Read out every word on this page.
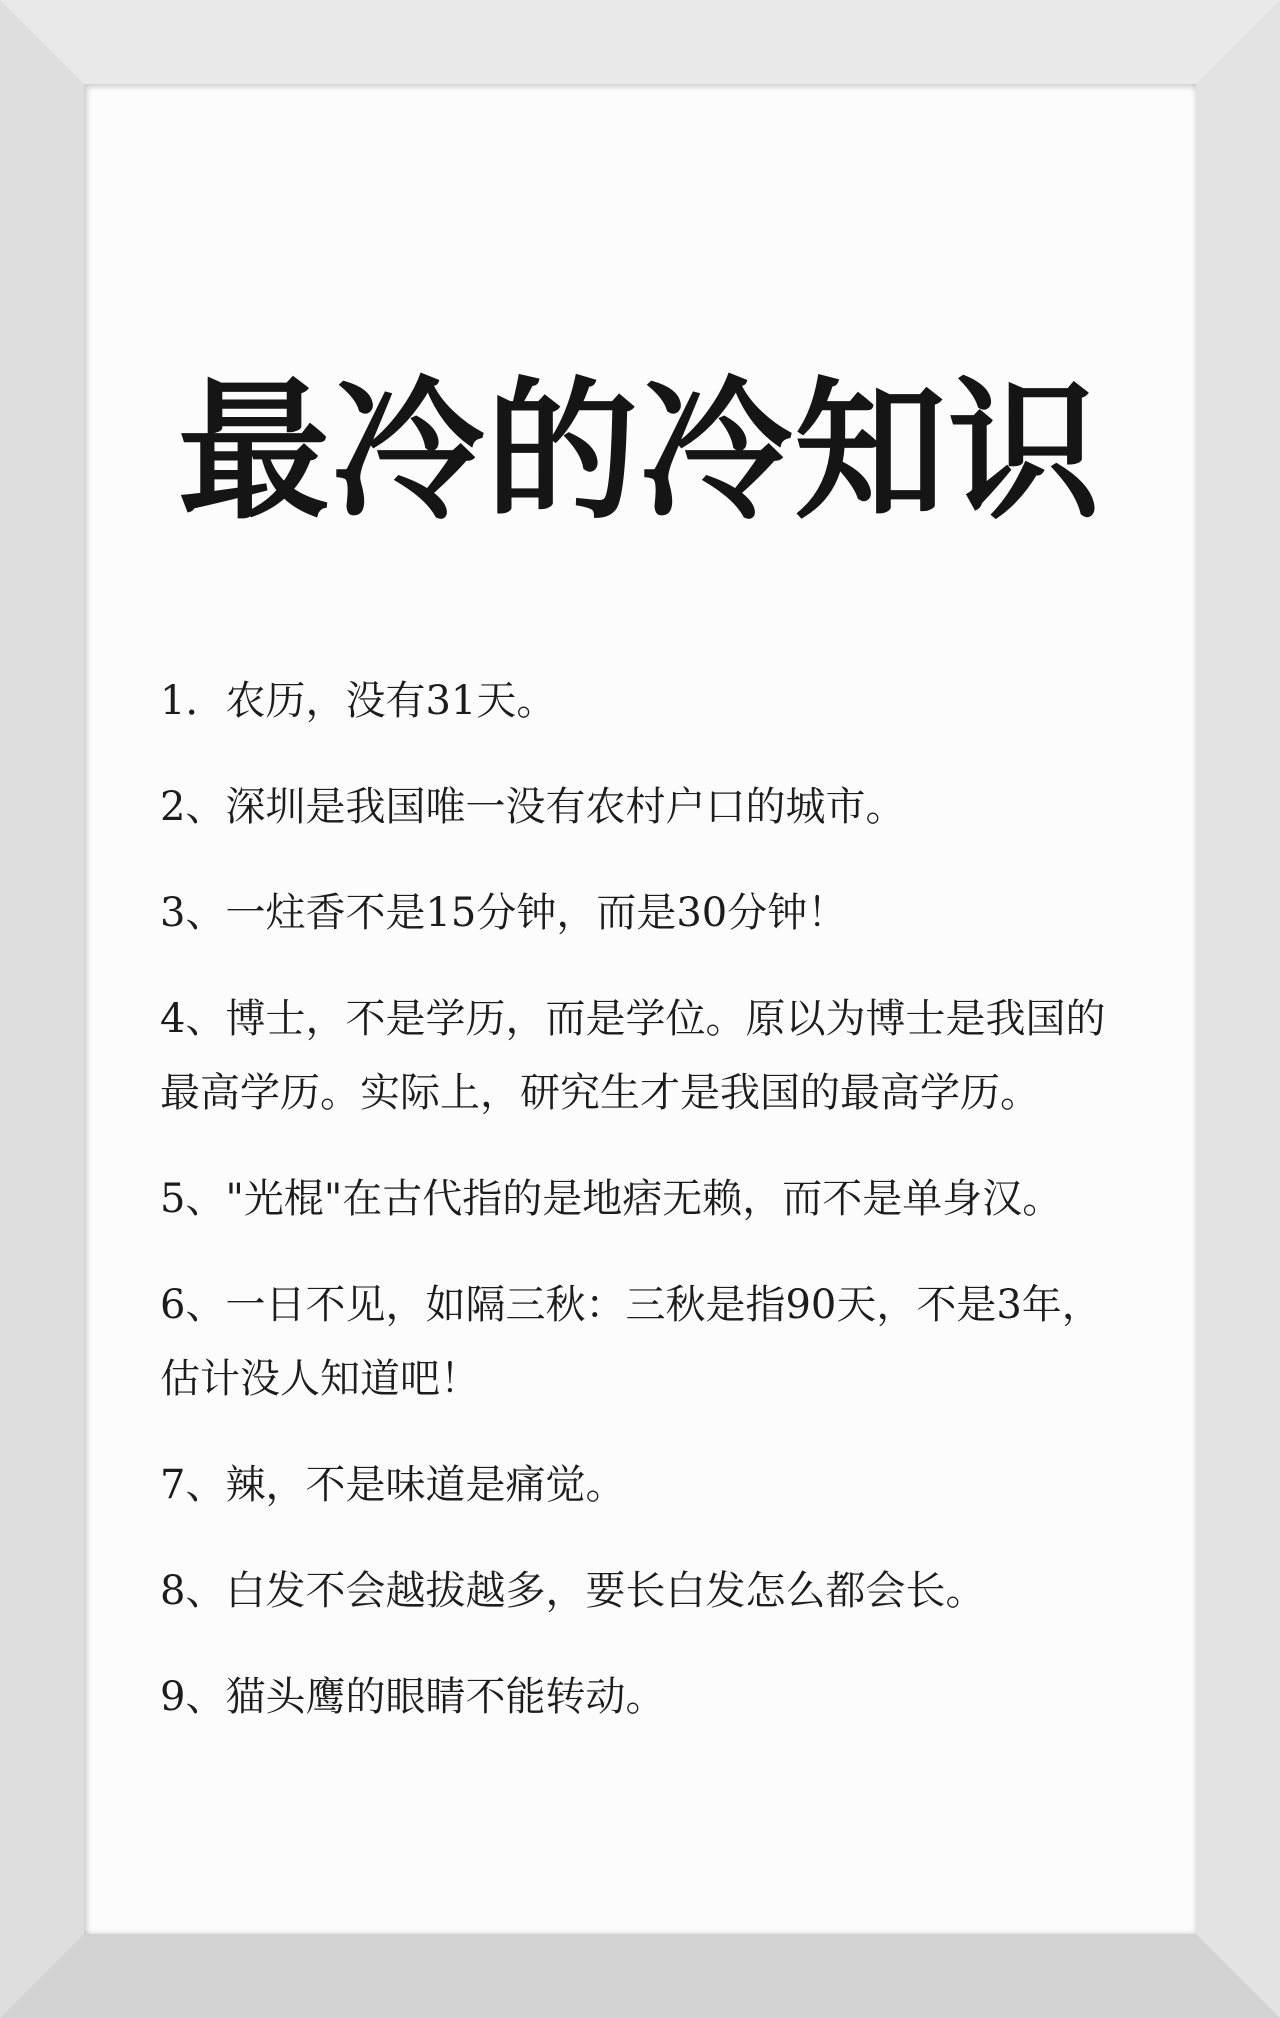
最冷的冷知识
1．农历，没有31天。
2、深圳是我国唯一没有农村户口的城市。
3、一炷香不是15分钟，而是30分钟！
4、博士，不是学历，而是学位。原以为博士是我国的最高学历。实际上，研究生才是我国的最高学历。
5、"光棍"在古代指的是地痞无赖，而不是单身汉。
6、一日不见，如隔三秋：三秋是指90天，不是3年，估计没人知道吧！
7、辣，不是味道是痛觉。
8、白发不会越拔越多，要长白发怎么都会长。
9、猫头鹰的眼睛不能转动。
